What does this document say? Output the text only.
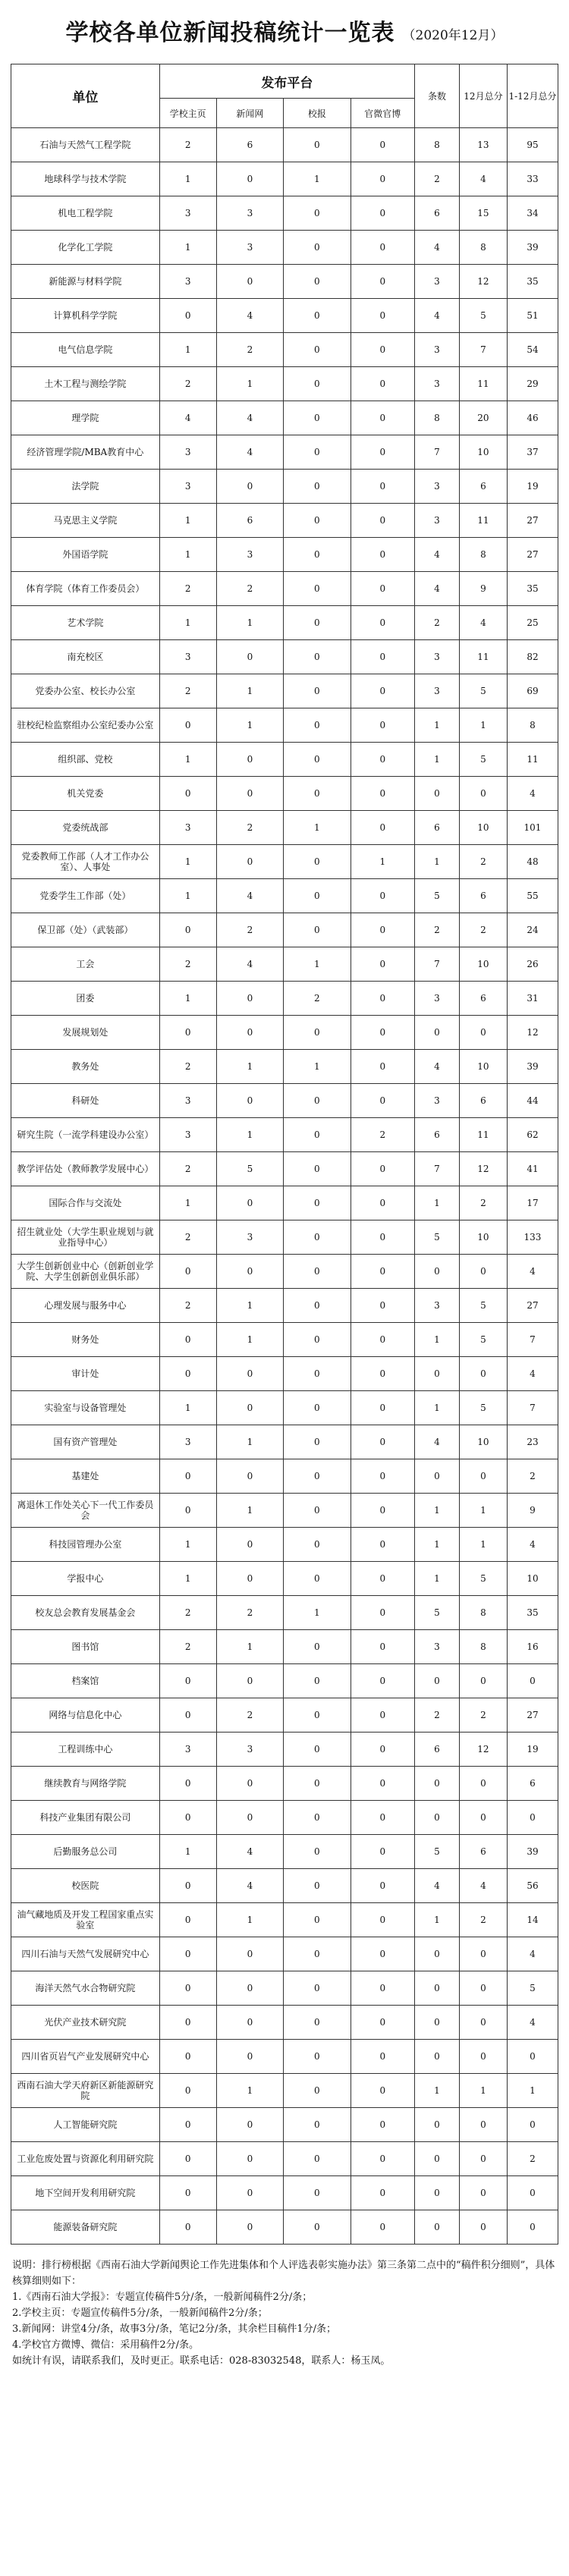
学校各单位新闻投稿统计一览表 （2020年12月）
单位	发布平台				条数	12月总分	1-12月总分
	学校主页	新闻网	校报	官微官博			
石油与天然气工程学院	2	6	0	0	8	13	95
地球科学与技术学院	1	0	1	0	2	4	33
机电工程学院	3	3	0	0	6	15	34
化学化工学院	1	3	0	0	4	8	39
新能源与材料学院	3	0	0	0	3	12	35
计算机科学学院	0	4	0	0	4	5	51
电气信息学院	1	2	0	0	3	7	54
土木工程与测绘学院	2	1	0	0	3	11	29
理学院	4	4	0	0	8	20	46
经济管理学院/MBA教育中心	3	4	0	0	7	10	37
法学院	3	0	0	0	3	6	19
马克思主义学院	1	6	0	0	3	11	27
外国语学院	1	3	0	0	4	8	27
体育学院（体育工作委员会）	2	2	0	0	4	9	35
艺术学院	1	1	0	0	2	4	25
南充校区	3	0	0	0	3	11	82
党委办公室、校长办公室	2	1	0	0	3	5	69
驻校纪检监察组办公室纪委办公室	0	1	0	0	1	1	8
组织部、党校	1	0	0	0	1	5	11
机关党委	0	0	0	0	0	0	4
党委统战部	3	2	1	0	6	10	101
党委教师工作部（人才工作办公室）、人事处	1	0	0	1	1	2	48
党委学生工作部（处）	1	4	0	0	5	6	55
保卫部（处）（武装部）	0	2	0	0	2	2	24
工会	2	4	1	0	7	10	26
团委	1	0	2	0	3	6	31
发展规划处	0	0	0	0	0	0	12
教务处	2	1	1	0	4	10	39
科研处	3	0	0	0	3	6	44
研究生院（一流学科建设办公室）	3	1	0	2	6	11	62
教学评估处（教师教学发展中心）	2	5	0	0	7	12	41
国际合作与交流处	1	0	0	0	1	2	17
招生就业处（大学生职业规划与就业指导中心）	2	3	0	0	5	10	133
大学生创新创业中心（创新创业学院、大学生创新创业俱乐部）	0	0	0	0	0	0	4
心理发展与服务中心	2	1	0	0	3	5	27
财务处	0	1	0	0	1	5	7
审计处	0	0	0	0	0	0	4
实验室与设备管理处	1	0	0	0	1	5	7
国有资产管理处	3	1	0	0	4	10	23
基建处	0	0	0	0	0	0	2
离退休工作处关心下一代工作委员会	0	1	0	0	1	1	9
科技园管理办公室	1	0	0	0	1	1	4
学报中心	1	0	0	0	1	5	10
校友总会教育发展基金会	2	2	1	0	5	8	35
图书馆	2	1	0	0	3	8	16
档案馆	0	0	0	0	0	0	0
网络与信息化中心	0	2	0	0	2	2	27
工程训练中心	3	3	0	0	6	12	19
继续教育与网络学院	0	0	0	0	0	0	6
科技产业集团有限公司	0	0	0	0	0	0	0
后勤服务总公司	1	4	0	0	5	6	39
校医院	0	4	0	0	4	4	56
油气藏地质及开发工程国家重点实验室	0	1	0	0	1	2	14
四川石油与天然气发展研究中心	0	0	0	0	0	0	4
海洋天然气水合物研究院	0	0	0	0	0	0	5
光伏产业技术研究院	0	0	0	0	0	0	4
四川省页岩气产业发展研究中心	0	0	0	0	0	0	0
西南石油大学天府新区新能源研究院	0	1	0	0	1	1	1
人工智能研究院	0	0	0	0	0	0	0
工业危废处置与资源化利用研究院	0	0	0	0	0	0	2
地下空间开发利用研究院	0	0	0	0	0	0	0
能源装备研究院	0	0	0	0	0	0	0

说明：排行榜根据《西南石油大学新闻舆论工作先进集体和个人评选表彰实施办法》第三条第二点中的“稿件积分细则”，具体核算细则如下：

1.《西南石油大学报》：专题宣传稿件5分/条，一般新闻稿件2分/条；

2.学校主页：专题宣传稿件5分/条，一般新闻稿件2分/条；

3.新闻网：讲堂4分/条，故事3分/条，笔记2分/条，其余栏目稿件1分/条；

4.学校官方微博、微信：采用稿件2分/条。

如统计有误，请联系我们，及时更正。联系电话：028-83032548，联系人：杨玉凤。
